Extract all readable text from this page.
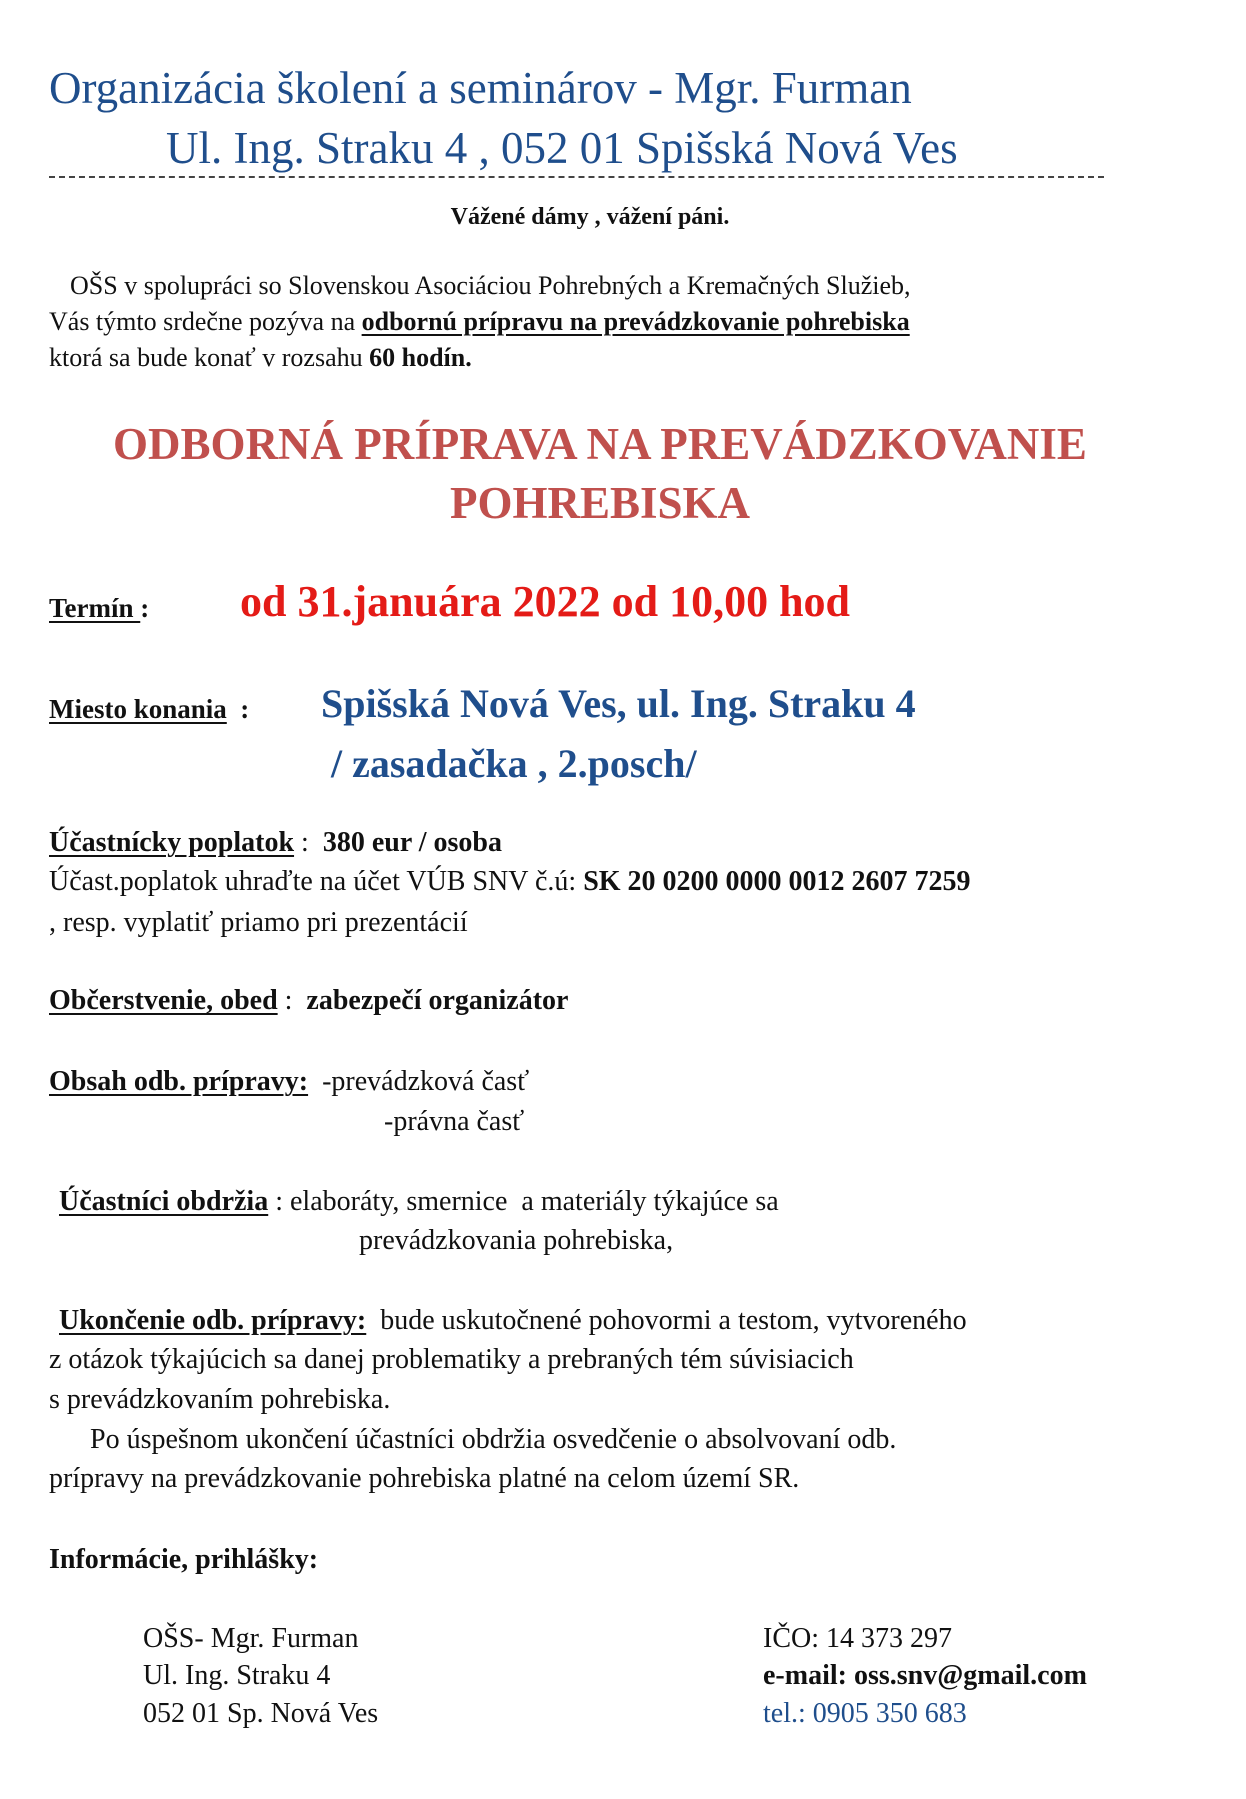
Organizácia školení a seminárov - Mgr. Furman
Ul. Ing. Straku 4 , 052 01 Spišská Nová Ves
Vážené dámy , vážení páni.
OŠS v spolupráci so Slovenskou Asociáciou Pohrebných a Kremačných Služieb,
Vás týmto srdečne pozýva na odbornú prípravu na prevádzkovanie pohrebiska
ktorá sa bude konať v rozsahu 60 hodín.
ODBORNÁ PRÍPRAVA NA PREVÁDZKOVANIE
POHREBISKA
Termín : od 31.januára 2022 od 10,00 hod
Miesto konania  : Spišská Nová Ves, ul. Ing. Straku 4
/ zasadačka , 2.posch/
Účastnícky poplatok :  380 eur / osoba
Účast.poplatok uhraďte na účet VÚB SNV č.ú: SK 20 0200 0000 0012 2607 7259
, resp. vyplatiť priamo pri prezentácií
Občerstvenie, obed :  zabezpečí organizátor
Obsah odb. prípravy:  -prevádzková časť
-právna časť
Účastníci obdržia : elaboráty, smernice  a materiály týkajúce sa
prevádzkovania pohrebiska,
Ukončenie odb. prípravy:  bude uskutočnené pohovormi a testom, vytvoreného
z otázok týkajúcich sa danej problematiky a prebraných tém súvisiacich
s prevádzkovaním pohrebiska.
Po úspešnom ukončení účastníci obdržia osvedčenie o absolvovaní odb.
prípravy na prevádzkovanie pohrebiska platné na celom území SR.
Informácie, prihlášky:
OŠS- Mgr. Furman
Ul. Ing. Straku 4
052 01 Sp. Nová Ves
IČO: 14 373 297
e-mail: oss.snv@gmail.com
tel.: 0905 350 683
